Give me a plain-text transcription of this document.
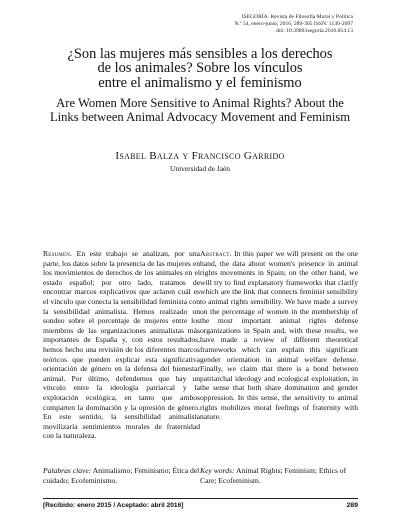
ISEGORÍA. Revista de Filosofía Moral y Política
N.º 54, enero-junio, 2016, 289-305 ISSN: 1130-2097
doi: 10.3989/isegoria.2016.054.13
¿Son las mujeres más sensibles a los derechos
de los animales? Sobre los vínculos
entre el animalismo y el feminismo
Are Women More Sensitive to Animal Rights? About the
Links between Animal Advocacy Movement and Feminism
Isabel Balza y Francisco Garrido
Universidad de Jaén
Resumen. En este trabajo se analizan, por una parte, los datos sobre la presencia de las mujeres en los movimientos de derechos de los animales en el estado español; por otro lado, tratamos de encontrar marcos explicativos que aclaren cuál es el vínculo que conecta la sensibilidad feminista con la sensibilidad animalista. Hemos realizado un sondeo sobre el porcentaje de mujeres entre los miembros de las organizaciones animalistas más importantes de España y, con estos resultados, hemos hecho una revisión de los diferentes marcos teóricos que pueden explicar esta significativa orientación de género en la defensa del bienestar animal. Por último, defendemos que hay un vínculo entre la ideología patriarcal y la explotación ecológica, en tanto que ambos comparten la dominación y la opresión de género. En este sentido, la sensibilidad animalista movilizaría sentimientos morales de fraternidad con la naturaleza.
Abstract. In this paper we will present on the one hand, the data about women's presence in animal rights movements in Spain; on the other hand, we will try to find explanatory frameworks that clarify which are the link that connects feminist sensibility to animal rights sensibility. We have made a survey on the percentage of women in the membership of the most important animal rights defense organizations in Spain and, with these results, we have made a review of different theoretical frameworks which can explain this significant gender orientation in animal welfare defense. Finally, we claim that there is a bond between patriarchal ideology and ecological exploitation, in the sense that both share domination and gender oppression. In this sense, the sensitivity to animal rights mobilizes moral feelings of fraternity with nature.
Palabras clave: Animalismo; Feminismo; Ética del cuidado; Ecofeminismo.
Key words: Animal Rights; Feminism; Ethics of Care; Ecofeminism.
[Recibido: enero 2015 / Aceptado: abril 2016]	289
